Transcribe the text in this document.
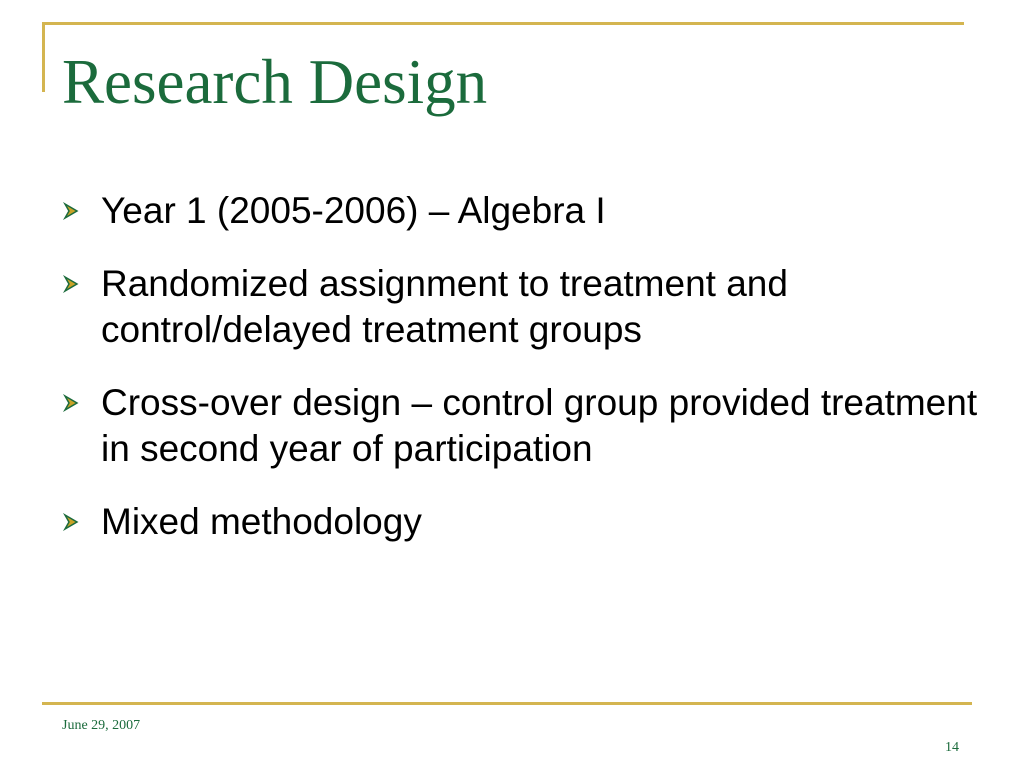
Research Design
Year 1 (2005-2006) – Algebra I
Randomized assignment to treatment and control/delayed treatment groups
Cross-over design – control group provided treatment in second year of participation
Mixed methodology
June 29, 2007
14
